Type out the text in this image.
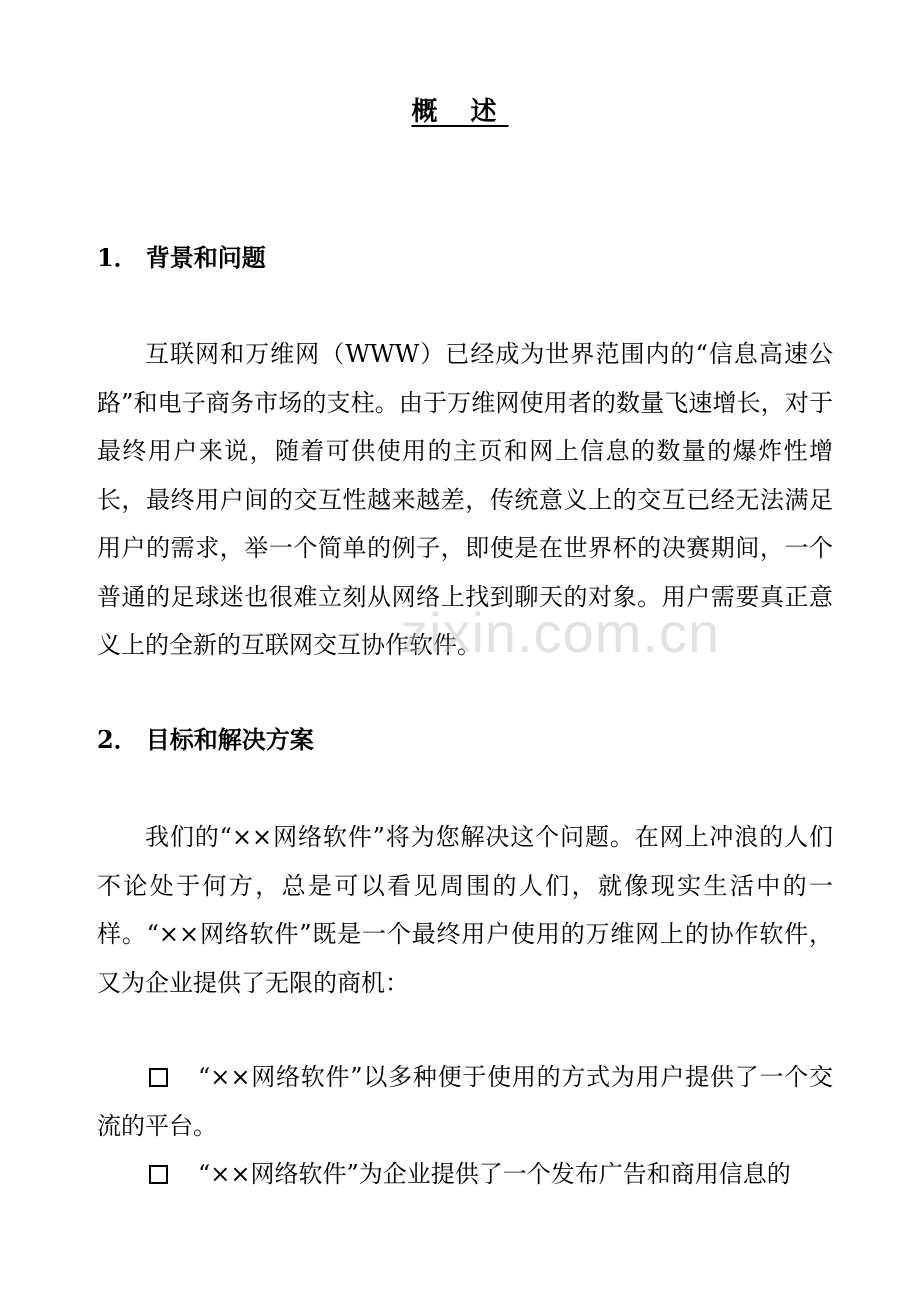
概 述
1． 背景和问题
互联网和万维网（WWW）已经成为世界范围内的“信息高速公路”和电子商务市场的支柱。由于万维网使用者的数量飞速增长，对于最终用户来说，随着可供使用的主页和网上信息的数量的爆炸性增长，最终用户间的交互性越来越差，传统意义上的交互已经无法满足用户的需求，举一个简单的例子，即使是在世界杯的决赛期间，一个普通的足球迷也很难立刻从网络上找到聊天的对象。用户需要真正意义上的全新的互联网交互协作软件。
2． 目标和解决方案
我们的“××网络软件”将为您解决这个问题。在网上冲浪的人们不论处于何方，总是可以看见周围的人们，就像现实生活中的一样。“××网络软件”既是一个最终用户使用的万维网上的协作软件，又为企业提供了无限的商机：
“××网络软件”以多种便于使用的方式为用户提供了一个交流的平台。
“××网络软件”为企业提供了一个发布广告和商用信息的
zixin.com.cn
